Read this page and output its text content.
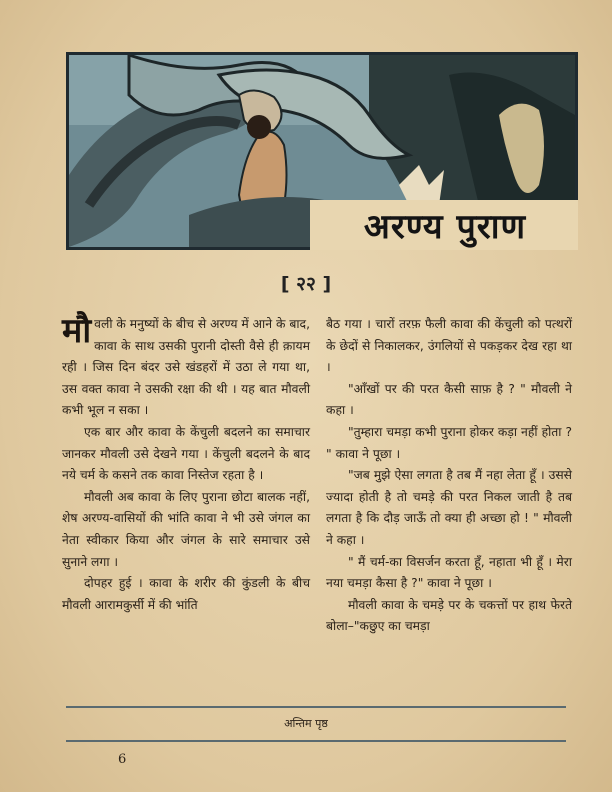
अरण्य पुराण
[ २२ ]

मौवली के मनुष्यों के बीच से अरण्य में आने के बाद, कावा के साथ उसकी पुरानी दोस्ती वैसे ही क़ायम रही । जिस दिन बंदर उसे खंडहरों में उठा ले गया था, उस वक्त कावा ने उसकी रक्षा की थी । यह बात मौवली कभी भूल न सका ।

एक बार और कावा के केंचुली बदलने का समाचार जानकर मौवली उसे देखने गया । केंचुली बदलने के बाद नये चर्म के कसने तक कावा निस्तेज रहता है ।

मौवली अब कावा के लिए पुराना छोटा बालक नहीं, शेष अरण्य-वासियों की भांति कावा ने भी उसे जंगल का नेता स्वीकार किया और जंगल के सारे समाचार उसे सुनाने लगा ।

दोपहर हुई । कावा के शरीर की कुंडली के बीच मौवली आरामकुर्सी में की भांति

बैठ गया । चारों तरफ़ फैली कावा की केंचुली को पत्थरों के छेदों से निकालकर, उंगलियों से पकड़कर देख रहा था ।

"आँखों पर की परत कैसी साफ़ है ? " मौवली ने कहा ।

"तुम्हारा चमड़ा कभी पुराना होकर कड़ा नहीं होता ? " कावा ने पूछा ।

"जब मुझे ऐसा लगता है तब मैं नहा लेता हूँ । उससे ज्यादा होती है तो चमड़े की परत निकल जाती है तब लगता है कि दौड़ जाऊँ तो क्या ही अच्छा हो ! " मौवली ने कहा ।

" मैं चर्म-का विसर्जन करता हूँ, नहाता भी हूँ । मेरा नया चमड़ा कैसा है ?" कावा ने पूछा ।

मौवली कावा के चमड़े पर के चकत्तों पर हाथ फेरते बोला–"कछुए का चमड़ा

अन्तिम पृष्ठ
6
